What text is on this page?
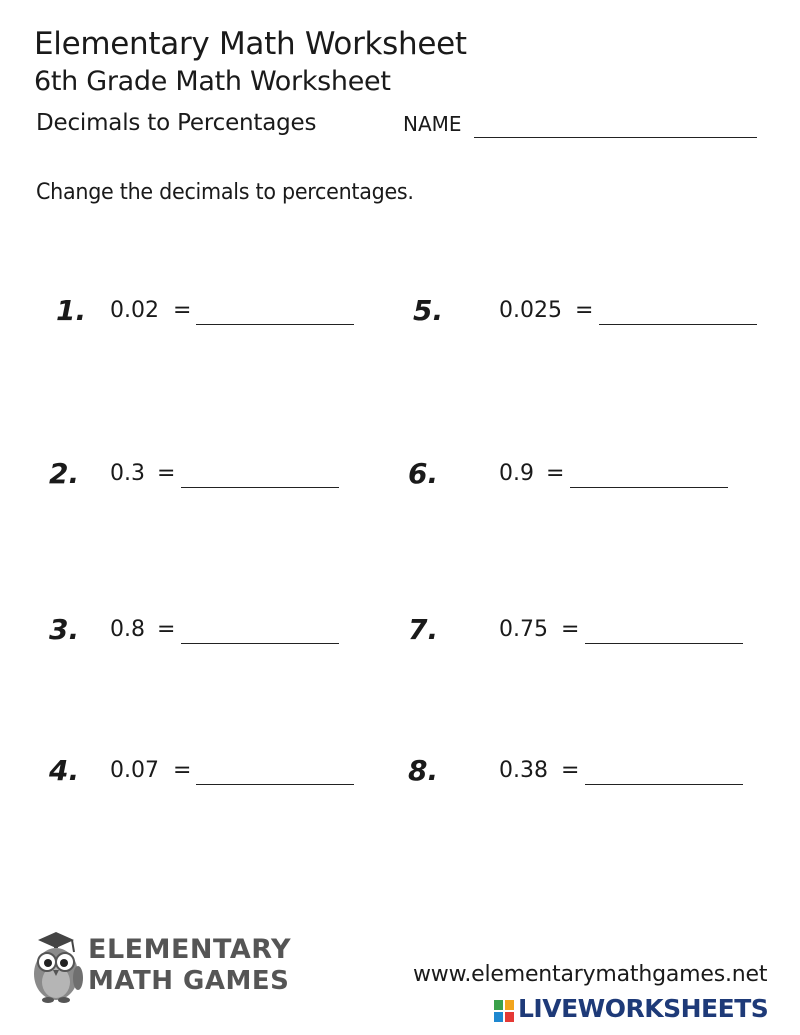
Elementary Math Worksheet
6th Grade Math Worksheet
Decimals to Percentages	NAME
Change the decimals to percentages.
1. 0.02 =
2. 0.3 =
3. 0.8 =
4. 0.07 =
5.	0.025 =
6.	0.9 =
7.	0.75 =
8.	0.38 =
ELEMENTARY
MATH GAMES	www.elementarymathgames.net
LIVEWORKSHEETS
